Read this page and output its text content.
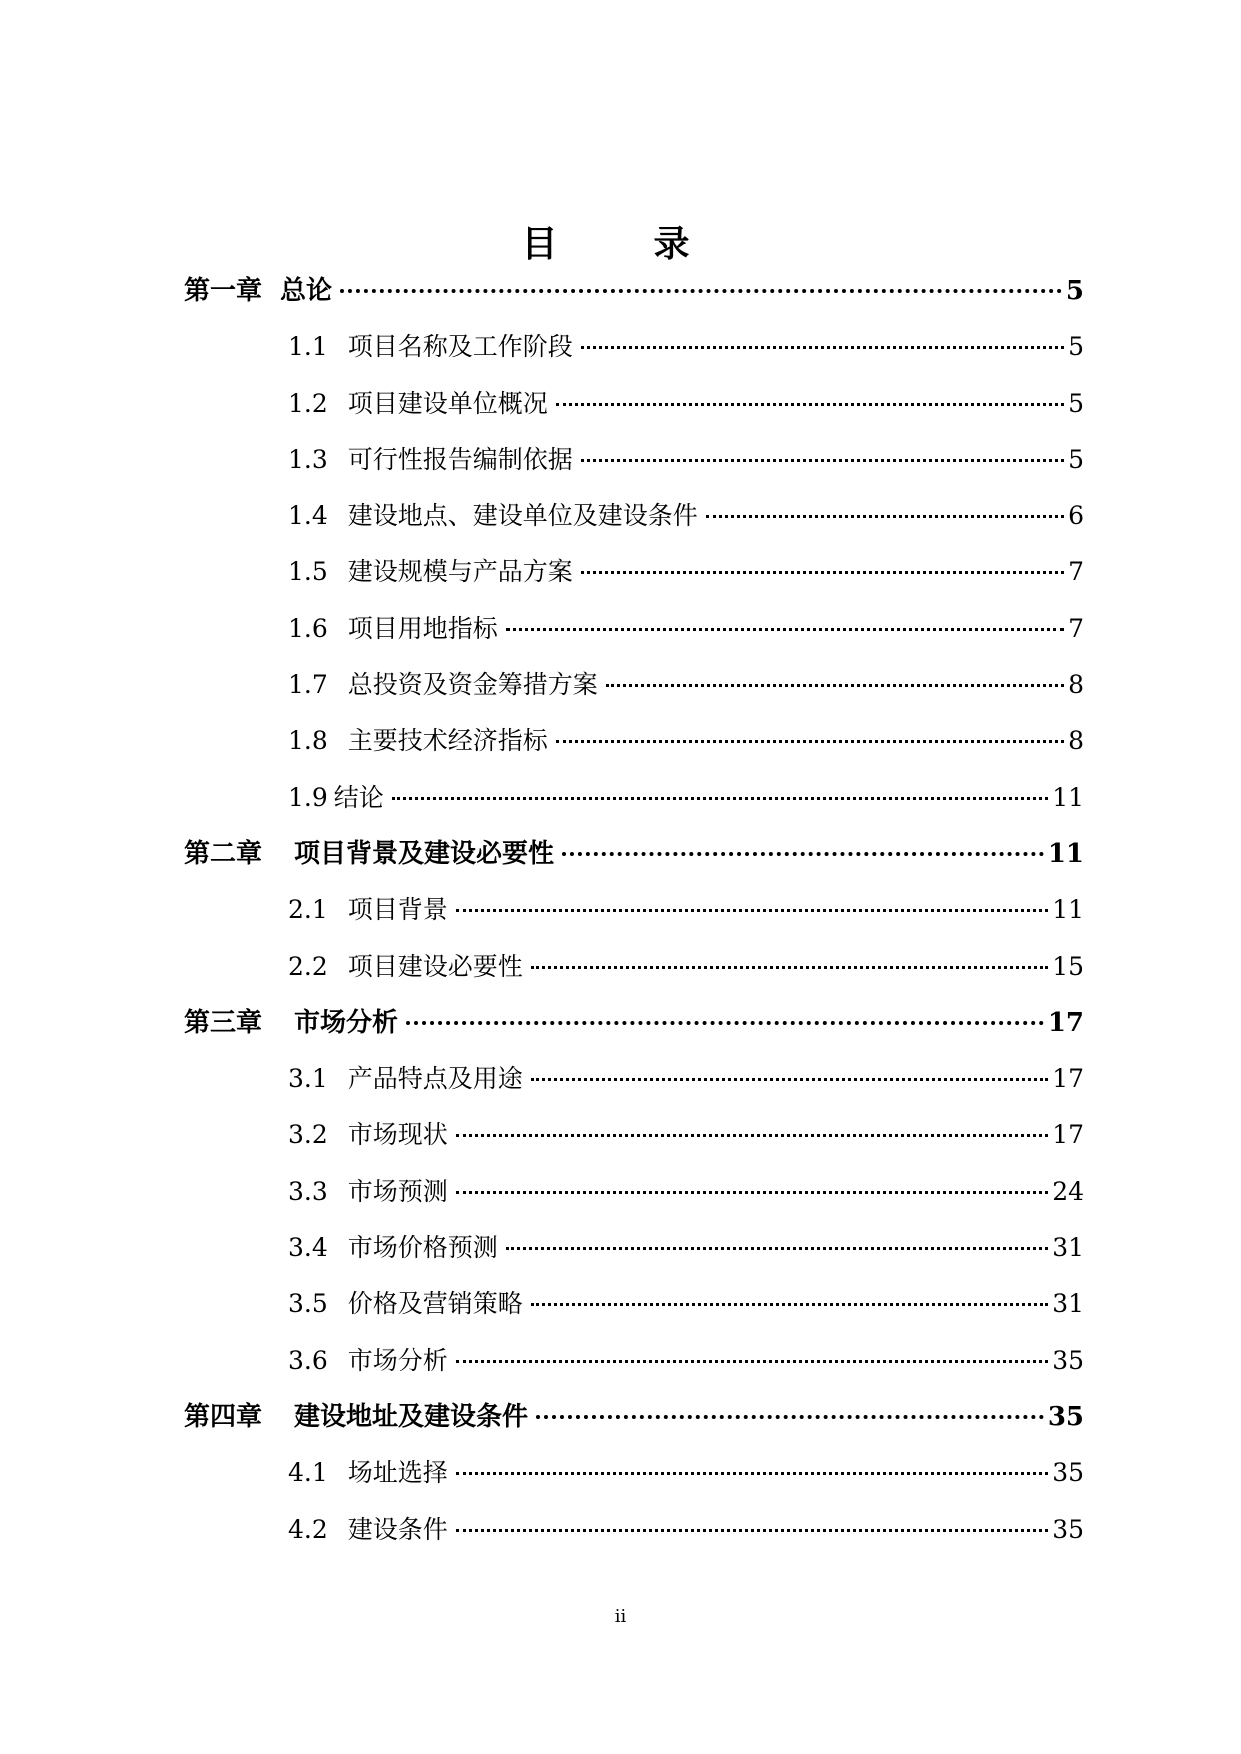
目　录
第一章 总论	5
1.1 项目名称及工作阶段	5
1.2 项目建设单位概况	5
1.3 可行性报告编制依据	5
1.4 建设地点、建设单位及建设条件	6
1.5 建设规模与产品方案	7
1.6 项目用地指标	7
1.7 总投资及资金筹措方案	8
1.8 主要技术经济指标	8
1.9 结论	11
第二章 项目背景及建设必要性	11
2.1 项目背景	11
2.2 项目建设必要性	15
第三章 市场分析	17
3.1 产品特点及用途	17
3.2 市场现状	17
3.3 市场预测	24
3.4 市场价格预测	31
3.5 价格及营销策略	31
3.6 市场分析	35
第四章 建设地址及建设条件	35
4.1 场址选择	35
4.2 建设条件	35
ii
